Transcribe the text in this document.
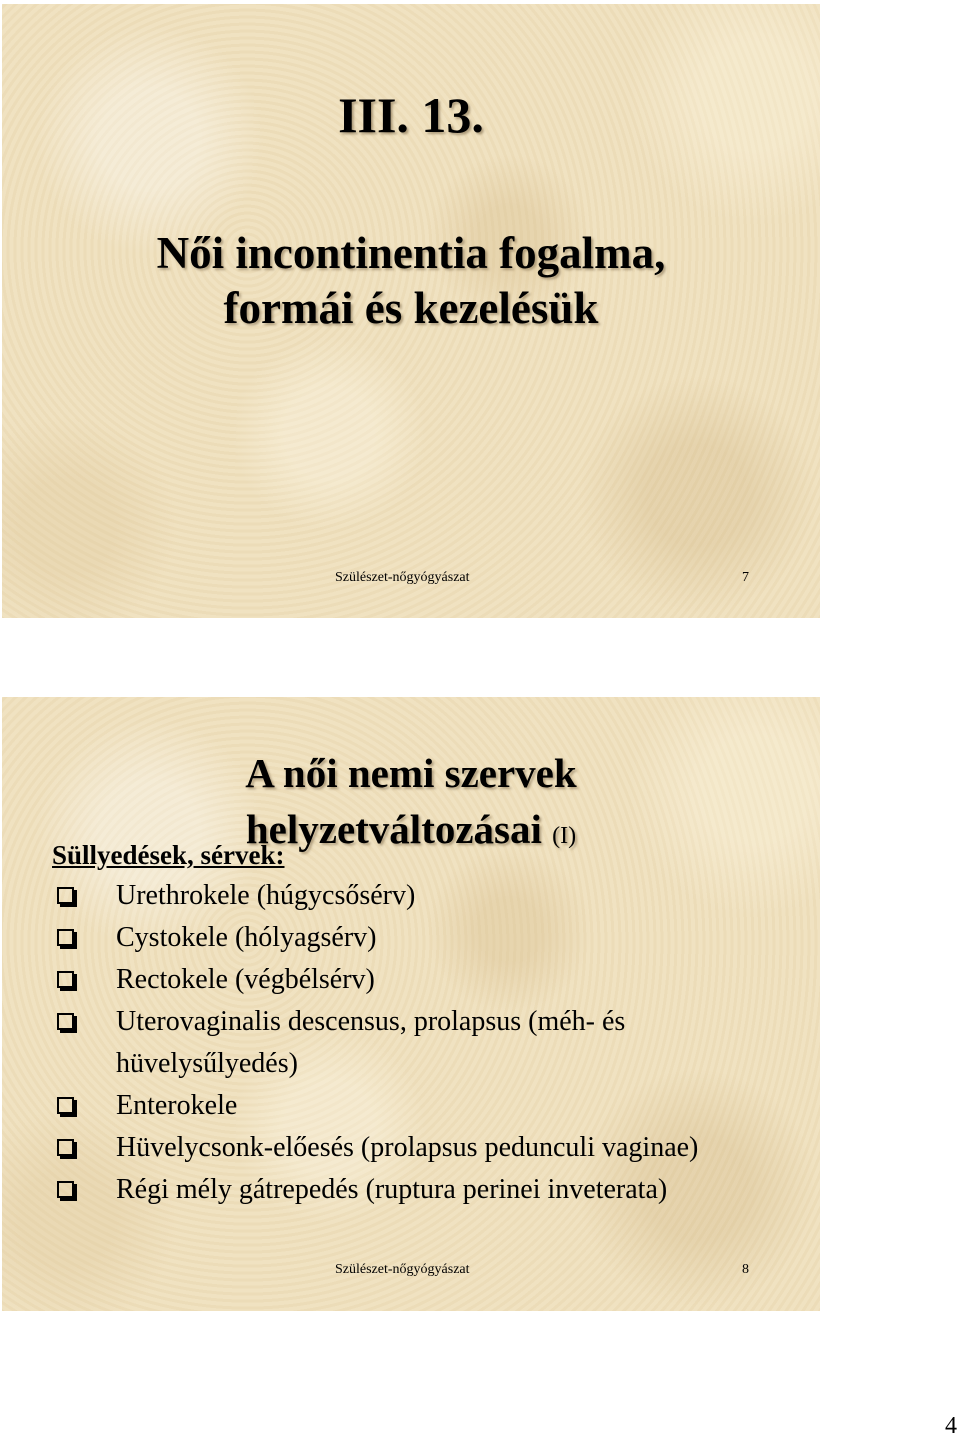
III. 13.
Női incontinentia fogalma,
formái és kezelésük
Szülészet-nőgyógyászat	7
A női nemi szervek
helyzetváltozásai (I)
Süllyedések, sérvek:
Urethrokele (húgycsősérv)
Cystokele (hólyagsérv)
Rectokele (végbélsérv)
Uterovaginalis descensus, prolapsus (méh- és hüvelysűlyedés)
Enterokele
Hüvelycsonk-előesés (prolapsus pedunculi vaginae)
Régi mély gátrepedés (ruptura perinei inveterata)
Szülészet-nőgyógyászat	8
4
